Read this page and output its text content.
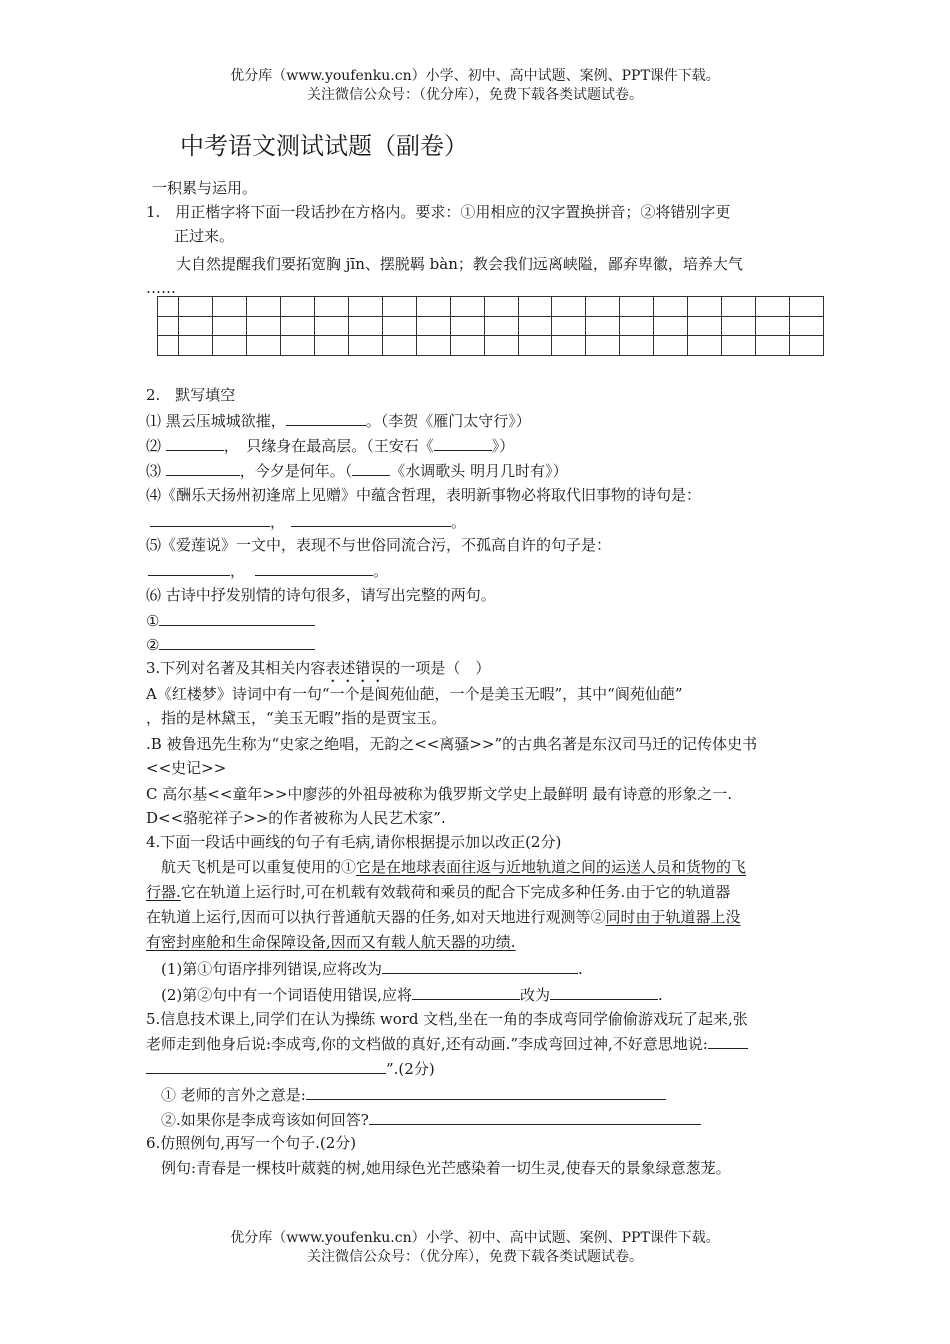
优分库（www.youfenku.cn）小学、初中、高中试题、案例、PPT课件下载。
关注微信公众号：（优分库），免费下载各类试题试卷。
中考语文测试试题（副卷）
一积累与运用。
1.　用正楷字将下面一段话抄在方格内。要求：①用相应的汉字置换拼音；②将错别字更
正过来。
大自然提醒我们要拓宽胸 jīn、摆脱羁 bàn；教会我们远离峡隘，鄙弃卑徽，培养大气
……

2.　默写填空
⑴ 黑云压城城欲摧，	。（李贺《雁门太守行》）
⑵	，　只缘身在最高层。（王安石《	》）
⑶	，今夕是何年。（	《水调歌头 明月几时有》）
⑷《酬乐天扬州初逢席上见赠》中蕴含哲理，表明新事物必将取代旧事物的诗句是：
，	。
⑸《爱莲说》一文中，表现不与世俗同流合污，不孤高自许的句子是：
，	。
⑹ 古诗中抒发别情的诗句很多，请写出完整的两句。
①
②
3.下列对名著及其相关内容表述错误的一项是（　）
A《红楼梦》诗词中有一句“一个是阆苑仙葩，一个是美玉无暇”，其中“阆苑仙葩”
，指的是林黛玉，“美玉无暇”指的是贾宝玉。
.B 被鲁迅先生称为“史家之绝唱，无韵之<<离骚>>”的古典名著是东汉司马迁的记传体史书
<<史记>>
C 高尔基<<童年>>中廖莎的外祖母被称为俄罗斯文学史上最鲜明 最有诗意的形象之一.
D<<骆驼祥子>>的作者被称为人民艺术家”.
4.下面一段话中画线的句子有毛病,请你根据提示加以改正(2分)
　航天飞机是可以重复使用的①它是在地球表面往返与近地轨道之间的运送人员和货物的飞
行器.它在轨道上运行时,可在机载有效载荷和乘员的配合下完成多种任务.由于它的轨道器
在轨道上运行,因而可以执行普通航天器的任务,如对天地进行观测等②同时由于轨道器上没
有密封座舱和生命保障设备,因而又有载人航天器的功绩.
　(1)第①句语序排列错误,应将改为	.
　(2)第②句中有一个词语使用错误,应将	改为	.
5.信息技术课上,同学们在认为操练 word 文档,坐在一角的李成弯同学偷偷游戏玩了起来,张
老师走到他身后说:李成弯,你的文档做的真好,还有动画.”李成弯回过神,不好意思地说:
”.(2分)
　① 老师的言外之意是:
　②.如果你是李成弯该如何回答?
6.仿照例句,再写一个句子.(2分)
　例句:青春是一棵枝叶葳蕤的树,她用绿色光芒感染着一切生灵,使春天的景象绿意葱茏。
优分库（www.youfenku.cn）小学、初中、高中试题、案例、PPT课件下载。
关注微信公众号：（优分库），免费下载各类试题试卷。
